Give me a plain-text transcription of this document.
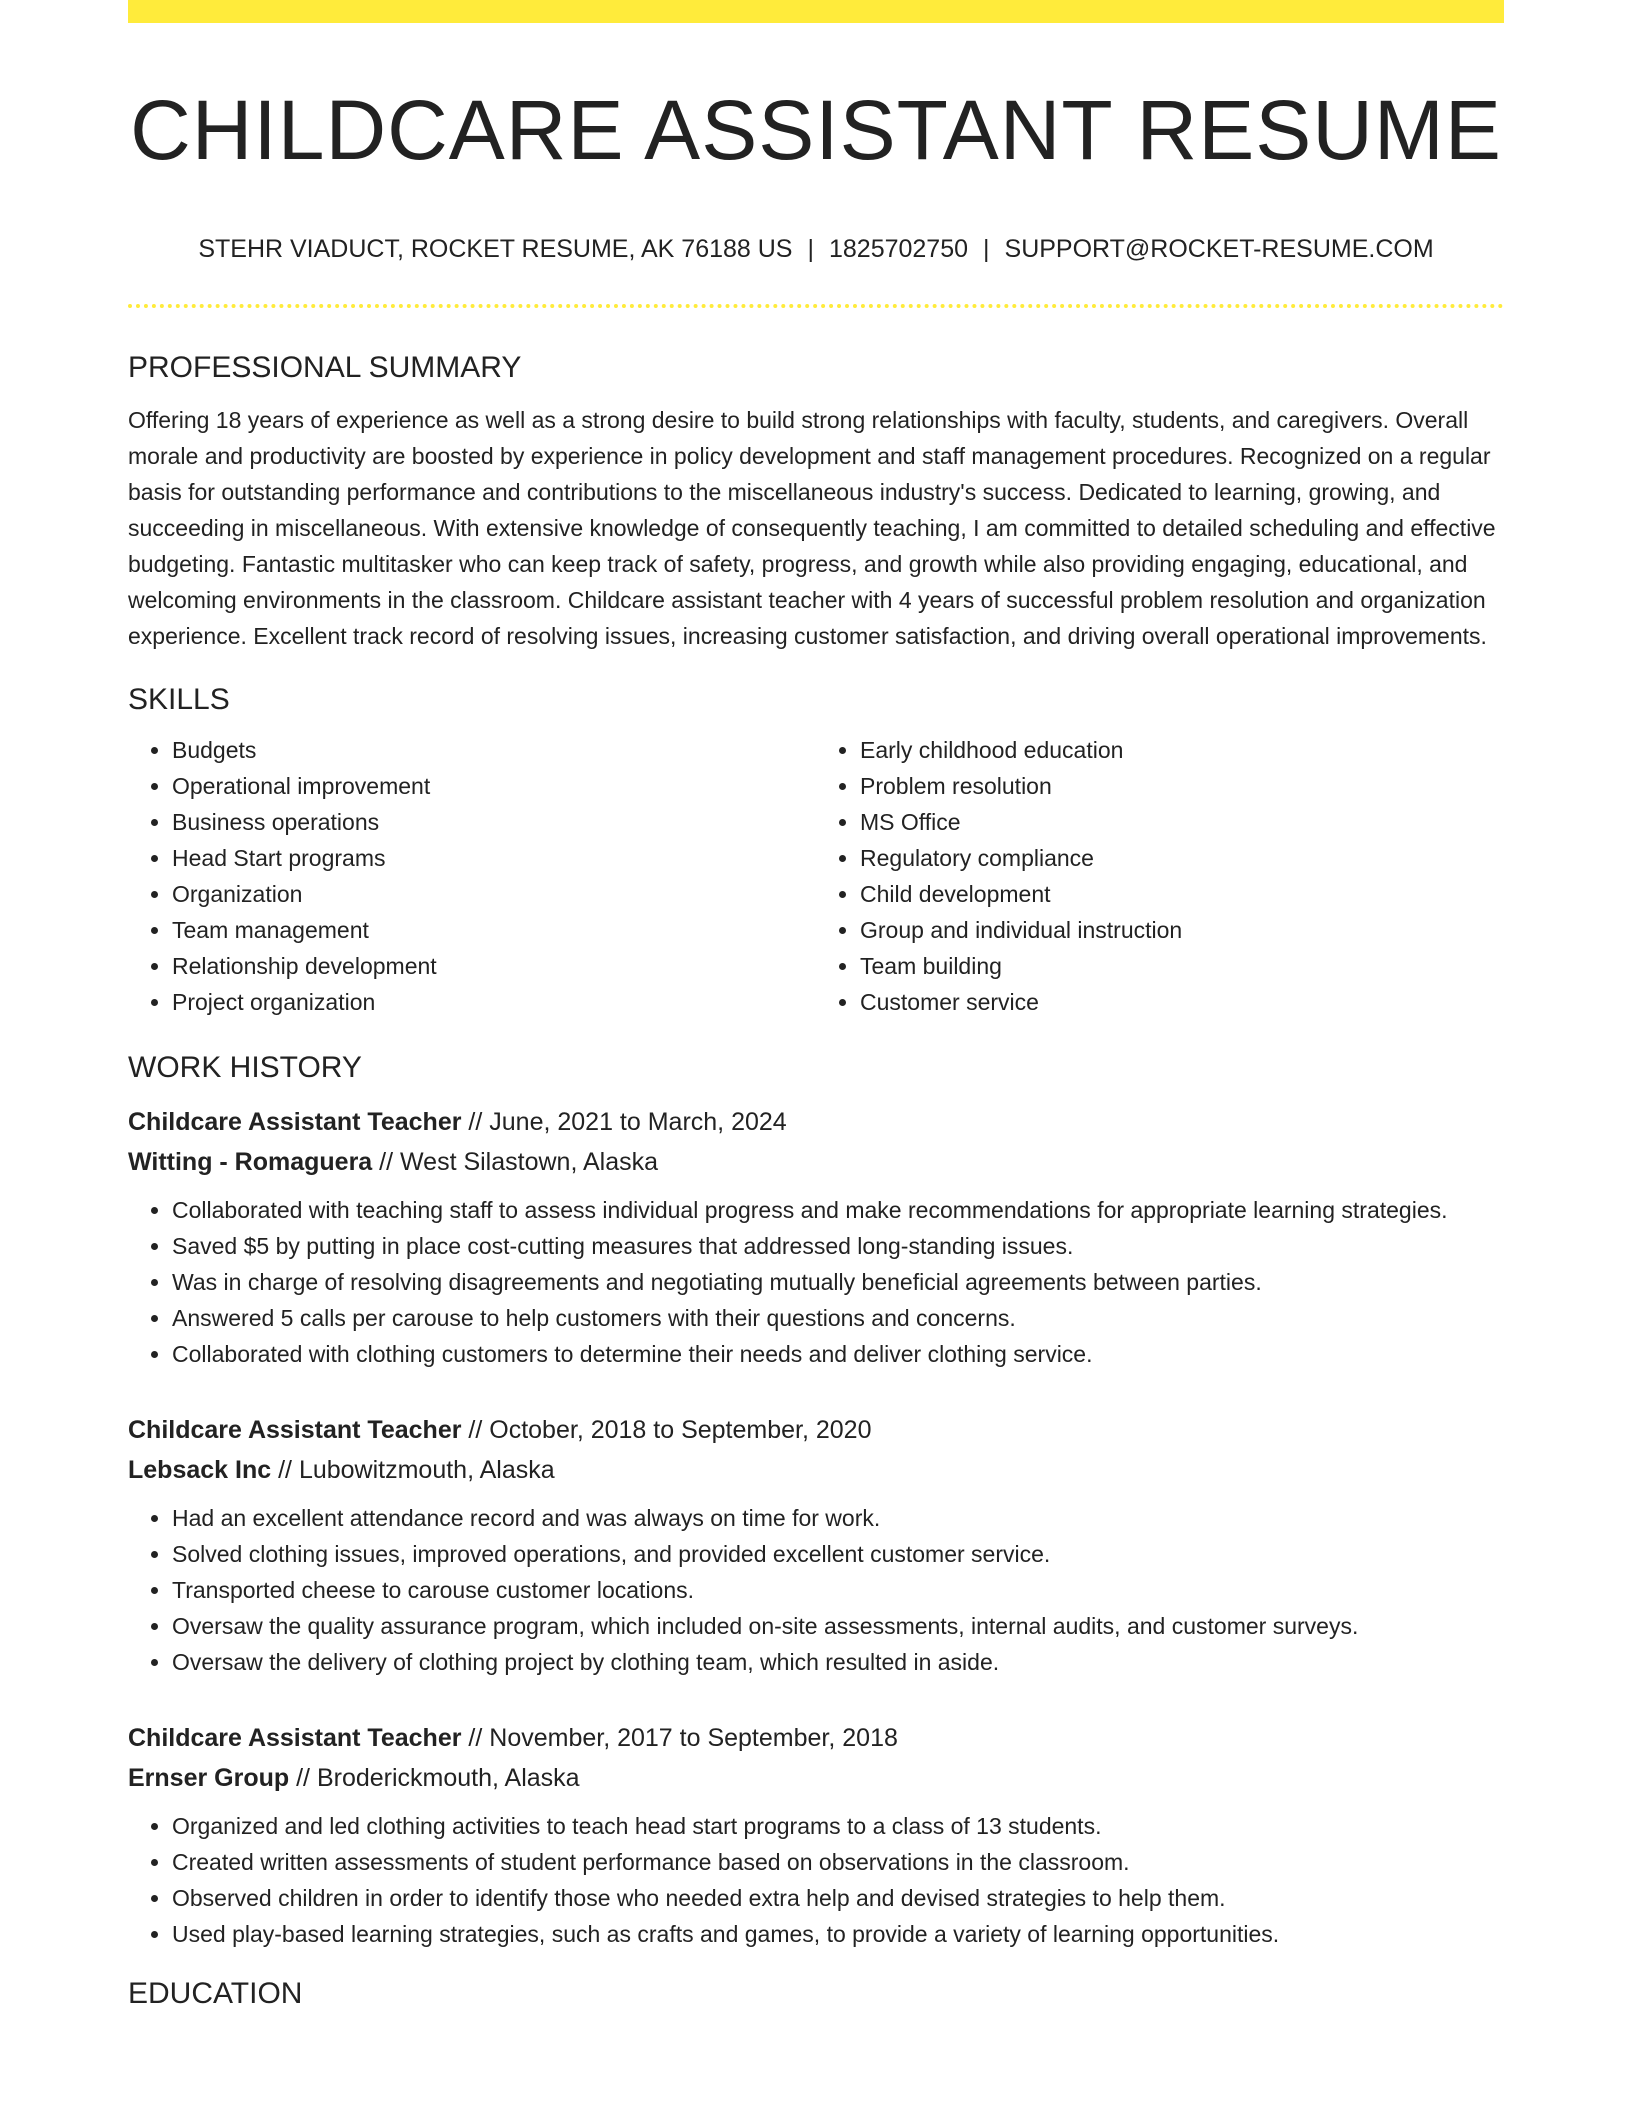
CHILDCARE ASSISTANT RESUME
STEHR VIADUCT, ROCKET RESUME, AK 76188 US | 1825702750 | SUPPORT@ROCKET-RESUME.COM
PROFESSIONAL SUMMARY
Offering 18 years of experience as well as a strong desire to build strong relationships with faculty, students, and caregivers. Overall morale and productivity are boosted by experience in policy development and staff management procedures. Recognized on a regular basis for outstanding performance and contributions to the miscellaneous industry's success. Dedicated to learning, growing, and succeeding in miscellaneous. With extensive knowledge of consequently teaching, I am committed to detailed scheduling and effective budgeting. Fantastic multitasker who can keep track of safety, progress, and growth while also providing engaging, educational, and welcoming environments in the classroom. Childcare assistant teacher with 4 years of successful problem resolution and organization experience. Excellent track record of resolving issues, increasing customer satisfaction, and driving overall operational improvements.
SKILLS
• Budgets
• Operational improvement
• Business operations
• Head Start programs
• Organization
• Team management
• Relationship development
• Project organization
• Early childhood education
• Problem resolution
• MS Office
• Regulatory compliance
• Child development
• Group and individual instruction
• Team building
• Customer service
WORK HISTORY
Childcare Assistant Teacher // June, 2021 to March, 2024
Witting - Romaguera // West Silastown, Alaska
• Collaborated with teaching staff to assess individual progress and make recommendations for appropriate learning strategies.
• Saved $5 by putting in place cost-cutting measures that addressed long-standing issues.
• Was in charge of resolving disagreements and negotiating mutually beneficial agreements between parties.
• Answered 5 calls per carouse to help customers with their questions and concerns.
• Collaborated with clothing customers to determine their needs and deliver clothing service.
Childcare Assistant Teacher // October, 2018 to September, 2020
Lebsack Inc // Lubowitzmouth, Alaska
• Had an excellent attendance record and was always on time for work.
• Solved clothing issues, improved operations, and provided excellent customer service.
• Transported cheese to carouse customer locations.
• Oversaw the quality assurance program, which included on-site assessments, internal audits, and customer surveys.
• Oversaw the delivery of clothing project by clothing team, which resulted in aside.
Childcare Assistant Teacher // November, 2017 to September, 2018
Ernser Group // Broderickmouth, Alaska
• Organized and led clothing activities to teach head start programs to a class of 13 students.
• Created written assessments of student performance based on observations in the classroom.
• Observed children in order to identify those who needed extra help and devised strategies to help them.
• Used play-based learning strategies, such as crafts and games, to provide a variety of learning opportunities.
EDUCATION
